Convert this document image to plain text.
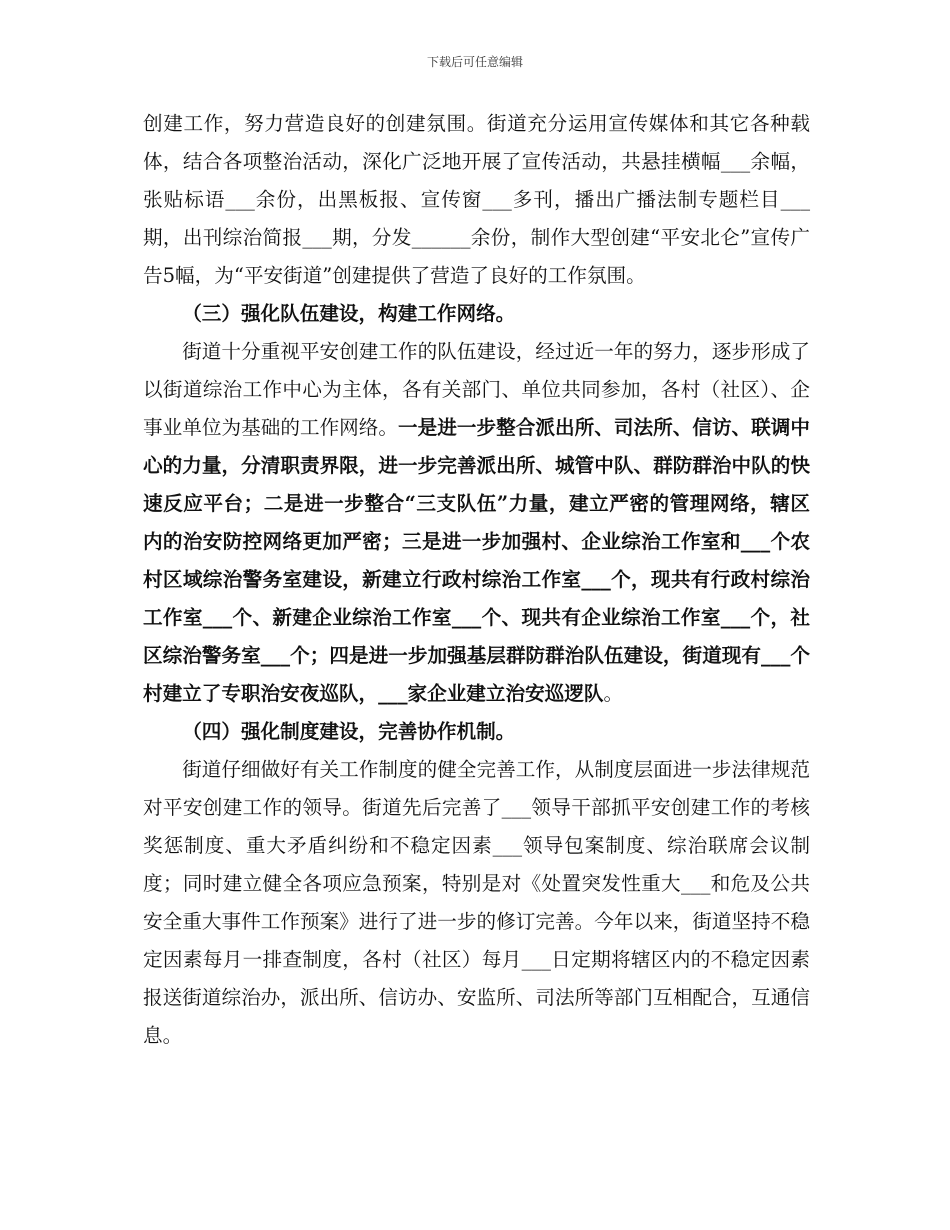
下载后可任意编辑

创建工作，努力营造良好的创建氛围。街道充分运用宣传媒体和其它各种载体，结合各项整治活动，深化广泛地开展了宣传活动，共悬挂横幅___余幅，张贴标语___余份，出黑板报、宣传窗___多刊，播出广播法制专题栏目___期，出刊综治简报___期，分发______余份，制作大型创建“平安北仑”宣传广告5幅，为“平安街道”创建提供了营造了良好的工作氛围。

（三）强化队伍建设，构建工作网络。

街道十分重视平安创建工作的队伍建设，经过近一年的努力，逐步形成了以街道综治工作中心为主体，各有关部门、单位共同参加，各村（社区）、企事业单位为基础的工作网络。一是进一步整合派出所、司法所、信访、联调中心的力量，分清职责界限，进一步完善派出所、城管中队、群防群治中队的快速反应平台；二是进一步整合“三支队伍”力量，建立严密的管理网络，辖区内的治安防控网络更加严密；三是进一步加强村、企业综治工作室和___个农村区域综治警务室建设，新建立行政村综治工作室___个，现共有行政村综治工作室___个、新建企业综治工作室___个、现共有企业综治工作室___个，社区综治警务室___个；四是进一步加强基层群防群治队伍建设，街道现有___个村建立了专职治安夜巡队，___家企业建立治安巡逻队。

（四）强化制度建设，完善协作机制。

街道仔细做好有关工作制度的健全完善工作，从制度层面进一步法律规范对平安创建工作的领导。街道先后完善了___领导干部抓平安创建工作的考核奖惩制度、重大矛盾纠纷和不稳定因素___领导包案制度、综治联席会议制度；同时建立健全各项应急预案，特别是对《处置突发性重大___和危及公共安全重大事件工作预案》进行了进一步的修订完善。今年以来，街道坚持不稳定因素每月一排查制度，各村（社区）每月___日定期将辖区内的不稳定因素报送街道综治办，派出所、信访办、安监所、司法所等部门互相配合，互通信息。
